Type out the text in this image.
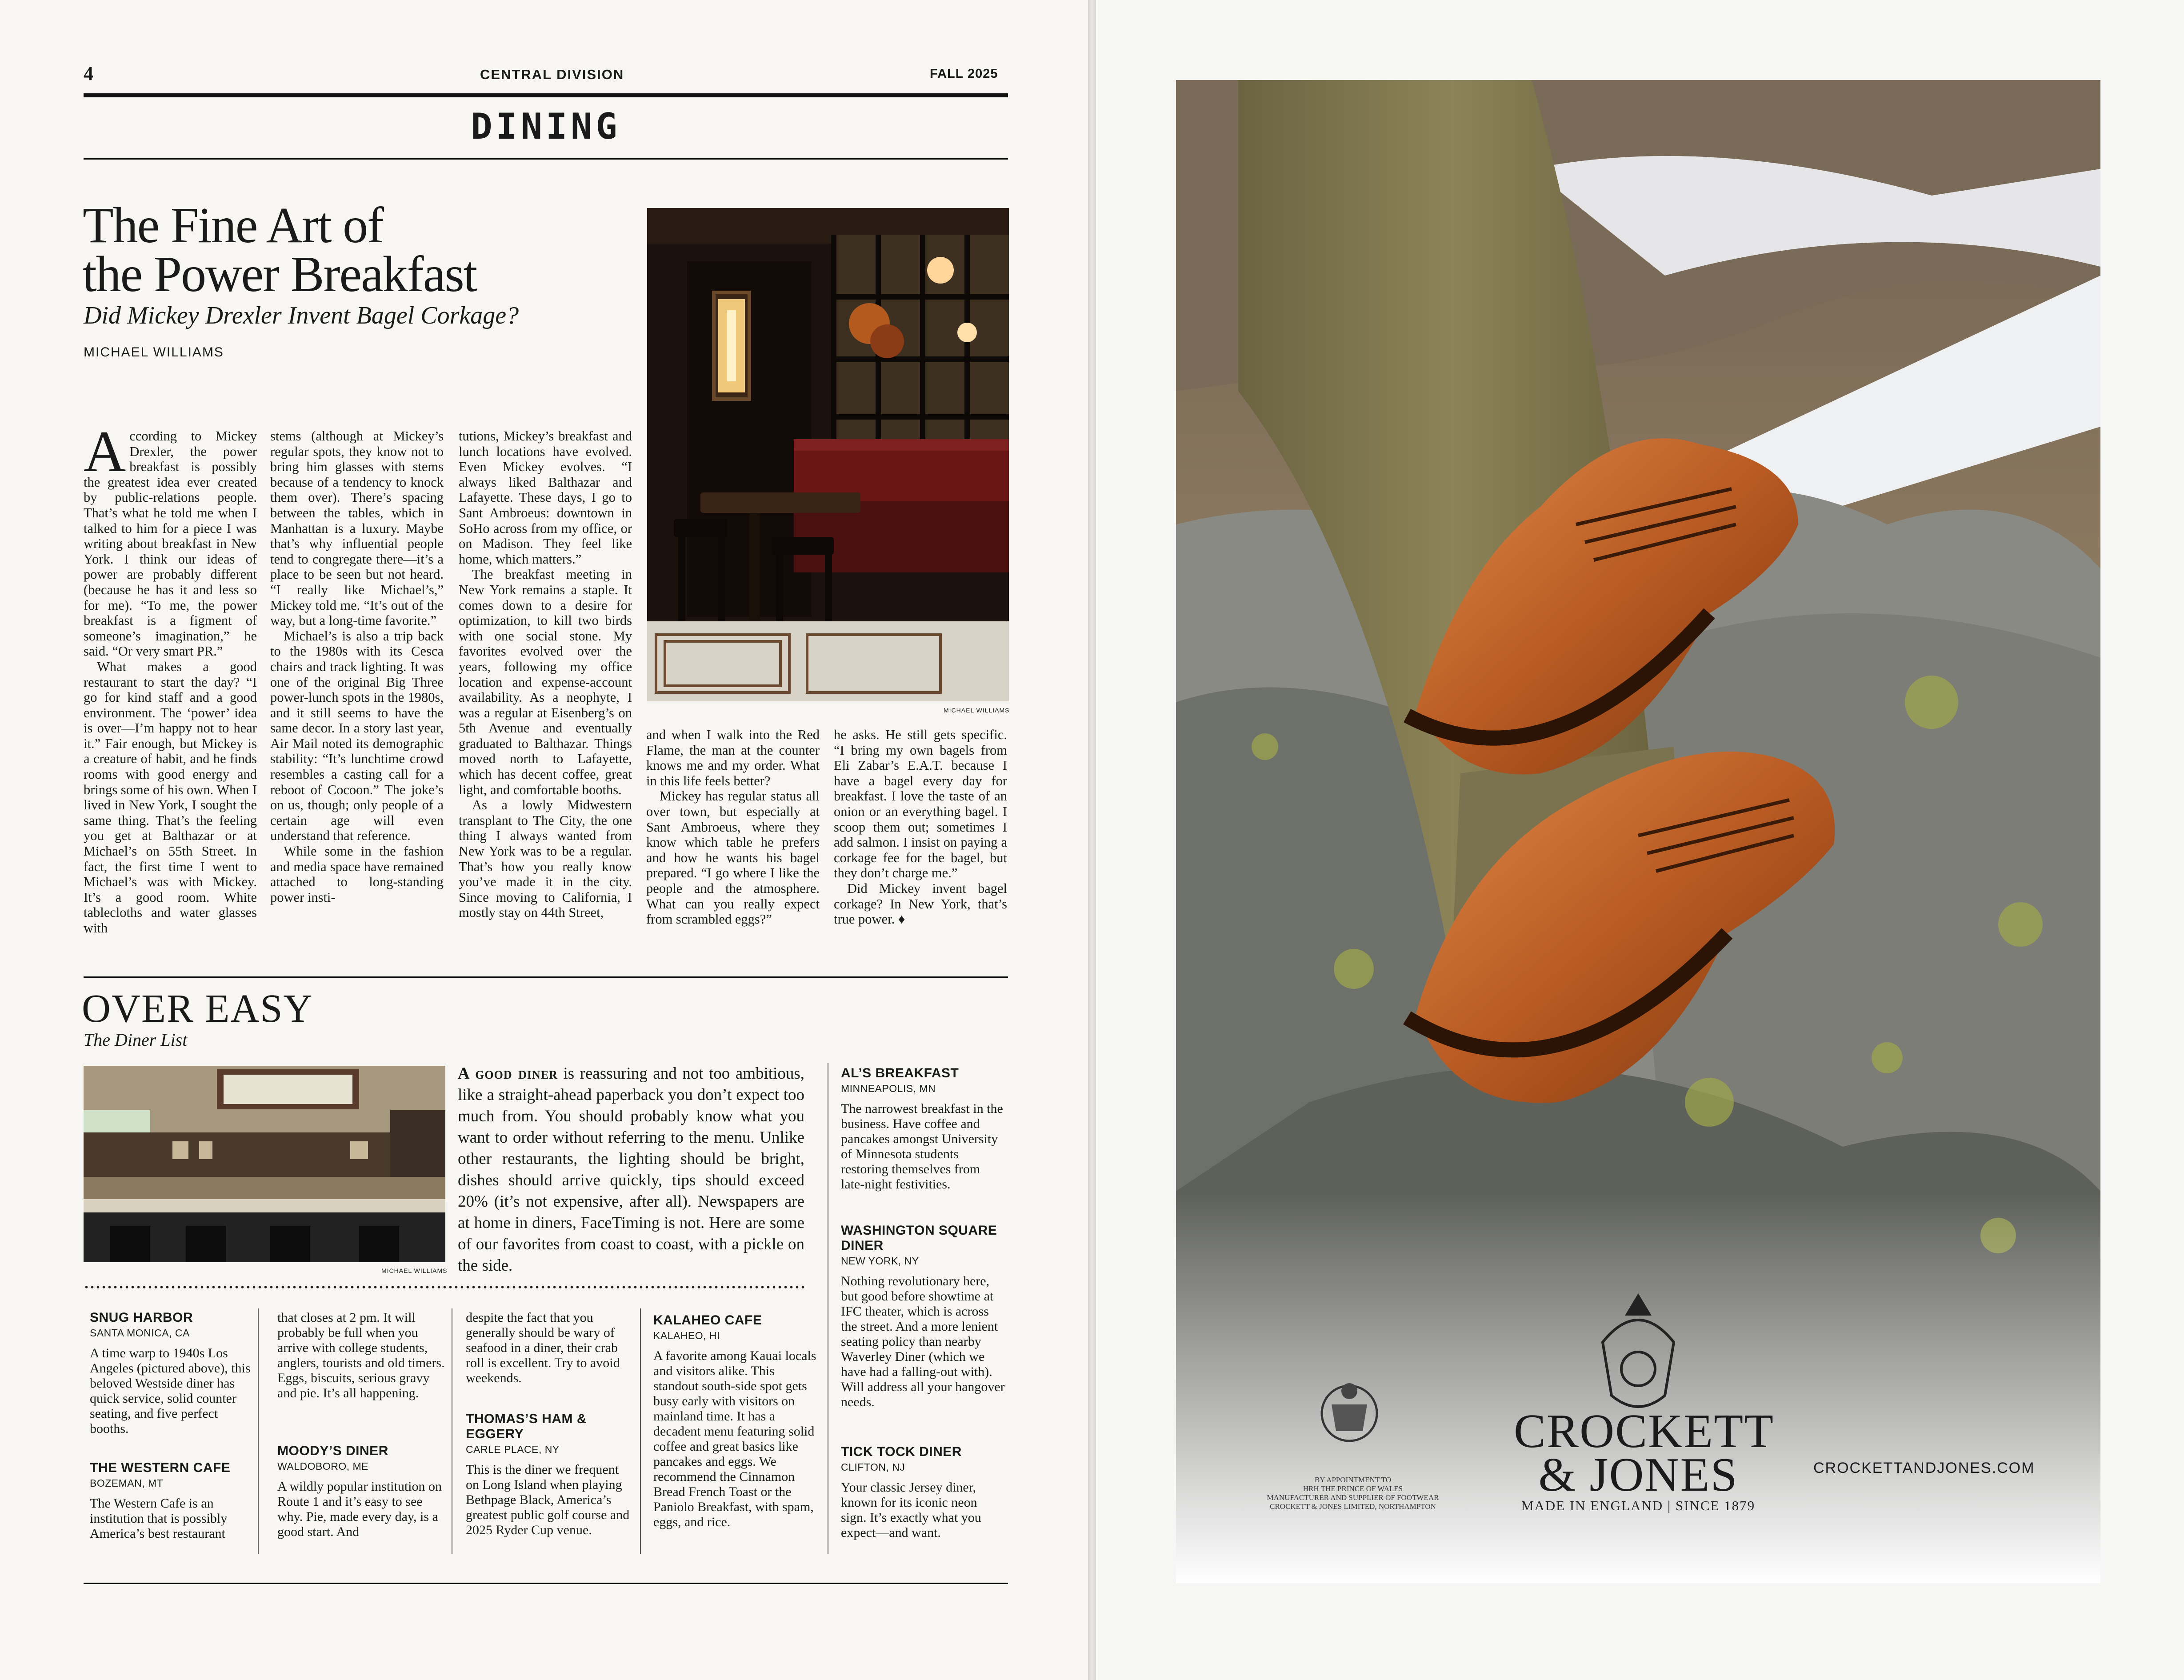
4	CENTRAL DIVISION	FALL 2025
DINING
The Fine Art of
the Power Breakfast
Did Mickey Drexler Invent Bagel Corkage?
MICHAEL WILLIAMS

According to Mickey Drexler, the power breakfast is possibly the greatest idea ever created by public-relations people. That’s what he told me when I talked to him for a piece I was writing about breakfast in New York. I think our ideas of power are probably different (because he has it and less so for me). “To me, the power breakfast is a figment of someone’s imagination,” he said. “Or very smart PR.”

What makes a good restaurant to start the day? “I go for kind staff and a good environment. The ‘power’ idea is over—I’m happy not to hear it.” Fair enough, but Mickey is a creature of habit, and he finds rooms with good energy and brings some of his own. When I lived in New York, I sought the same thing. That’s the feeling you get at Balthazar or at Michael’s on 55th Street. In fact, the first time I went to Michael’s was with Mickey. It’s a good room. White tablecloths and water glasses with

stems (although at Mickey’s regular spots, they know not to bring him glasses with stems because of a tendency to knock them over). There’s spacing between the tables, which in Manhattan is a luxury. Maybe that’s why influential people tend to congregate there—it’s a place to be seen but not heard. “I really like Michael’s,” Mickey told me. “It’s out of the way, but a long-time favorite.”

Michael’s is also a trip back to the 1980s with its Cesca chairs and track lighting. It was one of the original Big Three power-lunch spots in the 1980s, and it still seems to have the same decor. In a story last year, Air Mail noted its demographic stability: “It’s lunchtime crowd resembles a casting call for a reboot of Cocoon.” The joke’s on us, though; only people of a certain age will even understand that reference.

While some in the fashion and media space have remained attached to long-standing power insti-

tutions, Mickey’s breakfast and lunch locations have evolved. Even Mickey evolves. “I always liked Balthazar and Lafayette. These days, I go to Sant Ambroeus: downtown in SoHo across from my office, or on Madison. They feel like home, which matters.”

The breakfast meeting in New York remains a staple. It comes down to a desire for optimization, to kill two birds with one social stone. My favorites evolved over the years, following my office location and expense-account availability. As a neophyte, I was a regular at Eisenberg’s on 5th Avenue and eventually graduated to Balthazar. Things moved north to Lafayette, which has decent coffee, great light, and comfortable booths.

As a lowly Midwestern transplant to The City, the one thing I always wanted from New York was to be a regular. That’s how you really know you’ve made it in the city. Since moving to California, I mostly stay on 44th Street,

and when I walk into the Red Flame, the man at the counter knows me and my order. What in this life feels better?

Mickey has regular status all over town, but especially at Sant Ambroeus, where they know which table he prefers and how he wants his bagel prepared. “I go where I like the people and the atmosphere. What can you really expect from scrambled eggs?”

he asks. He still gets specific. “I bring my own bagels from Eli Zabar’s E.A.T. because I have a bagel every day for breakfast. I love the taste of an onion or an everything bagel. I scoop them out; sometimes I add salmon. I insist on paying a corkage fee for the bagel, but they don’t charge me.”

Did Mickey invent bagel corkage? In New York, that’s true power. ♦

MICHAEL WILLIAMS
OVER EASY
The Diner List
MICHAEL WILLIAMS
A good diner is reassuring and not too ambitious, like a straight-ahead paperback you don’t expect too much from. You should probably know what you want to order without referring to the menu. Unlike other restaurants, the lighting should be bright, dishes should arrive quickly, tips should exceed 20% (it’s not expensive, after all). Newspapers are at home in diners, FaceTiming is not. Here are some of our favorites from coast to coast, with a pickle on the side.
SNUG HARBOR
SANTA MONICA, CA
A time warp to 1940s Los Angeles (pictured above), this beloved Westside diner has quick service, solid counter seating, and five perfect booths.
THE WESTERN CAFE
BOZEMAN, MT
The Western Cafe is an institution that is possibly America’s best restaurant
that closes at 2 pm. It will probably be full when you arrive with college students, anglers, tourists and old timers. Eggs, biscuits, serious gravy and pie. It’s all happening.
MOODY’S DINER
WALDOBORO, ME
A wildly popular institution on Route 1 and it’s easy to see why. Pie, made every day, is a good start. And
despite the fact that you generally should be wary of seafood in a diner, their crab roll is excellent. Try to avoid weekends.
THOMAS’S HAM & EGGERY
CARLE PLACE, NY
This is the diner we frequent on Long Island when playing Bethpage Black, America’s greatest public golf course and 2025 Ryder Cup venue.
KALAHEO CAFE
KALAHEO, HI
A favorite among Kauai locals and visitors alike. This standout south-side spot gets busy early with visitors on mainland time. It has a decadent menu featuring solid coffee and great basics like pancakes and eggs. We recommend the Cinnamon Bread French Toast or the Paniolo Breakfast, with spam, eggs, and rice.
AL’S BREAKFAST
MINNEAPOLIS, MN
The narrowest breakfast in the business. Have coffee and pancakes amongst University of Minnesota students restoring themselves from late-night festivities.
WASHINGTON SQUARE DINER
NEW YORK, NY
Nothing revolutionary here, but good before showtime at IFC theater, which is across the street. And a more lenient seating policy than nearby Waverley Diner (which we have had a falling-out with). Will address all your hangover needs.
TICK TOCK DINER
CLIFTON, NJ
Your classic Jersey diner, known for its iconic neon sign. It’s exactly what you expect—and want.
BY APPOINTMENT TO
HRH THE PRINCE OF WALES
MANUFACTURER AND SUPPLIER OF FOOTWEAR
CROCKETT & JONES LIMITED, NORTHAMPTON
CROCKETT
& JONES
MADE IN ENGLAND | SINCE 1879
CROCKETTANDJONES.COM
